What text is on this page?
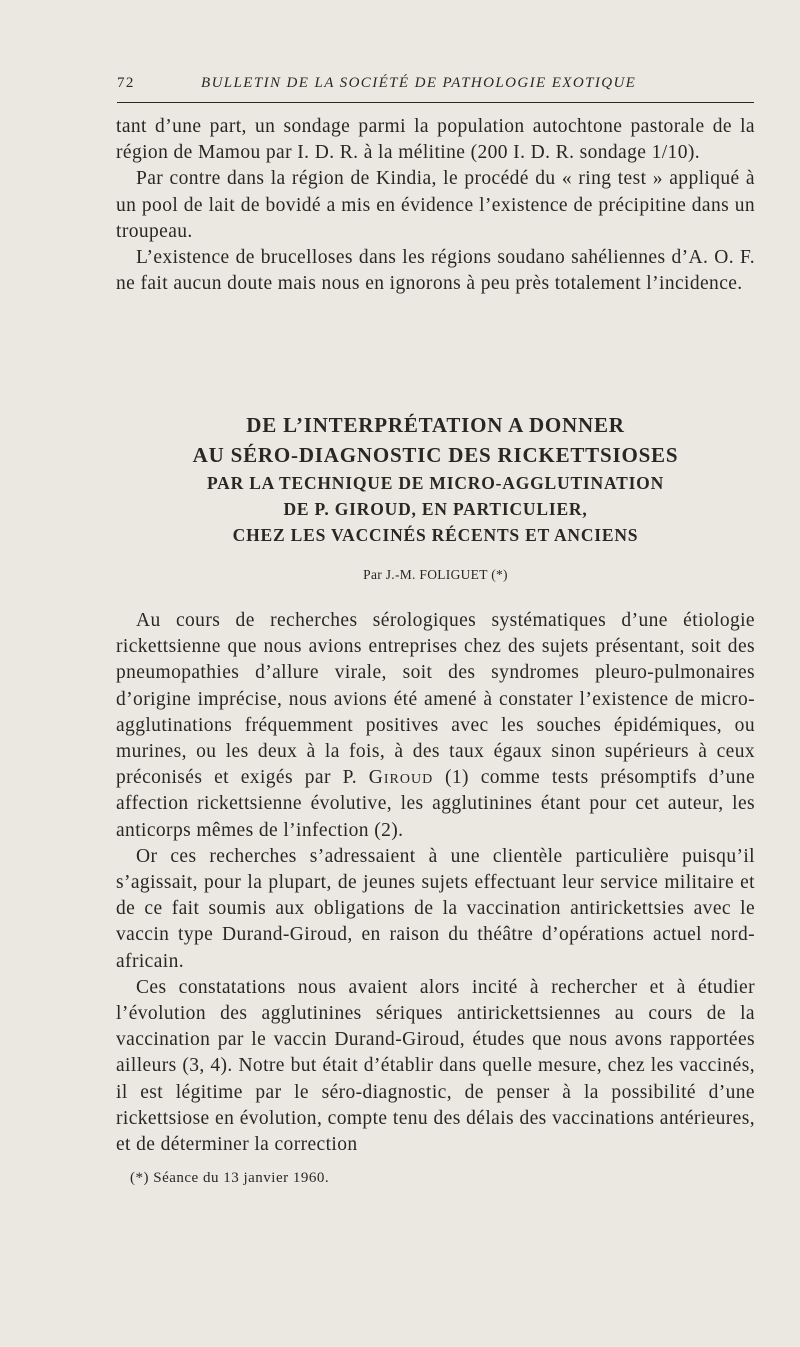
72	BULLETIN DE LA SOCIÉTÉ DE PATHOLOGIE EXOTIQUE

tant d’une part, un sondage parmi la population autochtone pastorale de la région de Mamou par I. D. R. à la mélitine (200 I. D. R. sondage 1/10).

Par contre dans la région de Kindia, le procédé du « ring test » appliqué à un pool de lait de bovidé a mis en évidence l’existence de précipitine dans un troupeau.

L’existence de brucelloses dans les régions soudano sahéliennes d’A. O. F. ne fait aucun doute mais nous en ignorons à peu près totalement l’incidence.

DE L’INTERPRÉTATION A DONNER
AU SÉRO-DIAGNOSTIC DES RICKETTSIOSES
PAR LA TECHNIQUE DE MICRO-AGGLUTINATION
DE P. GIROUD, EN PARTICULIER,
CHEZ LES VACCINÉS RÉCENTS ET ANCIENS
Par J.-M. FOLIGUET (*)

Au cours de recherches sérologiques systématiques d’une étiologie rickettsienne que nous avions entreprises chez des sujets présentant, soit des pneumopathies d’allure virale, soit des syndromes pleuro-pulmonaires d’origine imprécise, nous avions été amené à constater l’existence de micro-agglutinations fréquemment positives avec les souches épidémiques, ou murines, ou les deux à la fois, à des taux égaux sinon supérieurs à ceux préconisés et exigés par P. Giroud (1) comme tests présomptifs d’une affection rickettsienne évolutive, les agglutinines étant pour cet auteur, les anticorps mêmes de l’infection (2).

Or ces recherches s’adressaient à une clientèle particulière puisqu’il s’agissait, pour la plupart, de jeunes sujets effectuant leur service militaire et de ce fait soumis aux obligations de la vaccination antirickettsies avec le vaccin type Durand-Giroud, en raison du théâtre d’opérations actuel nord-africain.

Ces constatations nous avaient alors incité à rechercher et à étudier l’évolution des agglutinines sériques antirickettsiennes au cours de la vaccination par le vaccin Durand-Giroud, études que nous avons rapportées ailleurs (3, 4). Notre but était d’établir dans quelle mesure, chez les vaccinés, il est légitime par le séro-diagnostic, de penser à la possibilité d’une rickettsiose en évolution, compte tenu des délais des vaccinations antérieures, et de déterminer la correction

(*) Séance du 13 janvier 1960.
